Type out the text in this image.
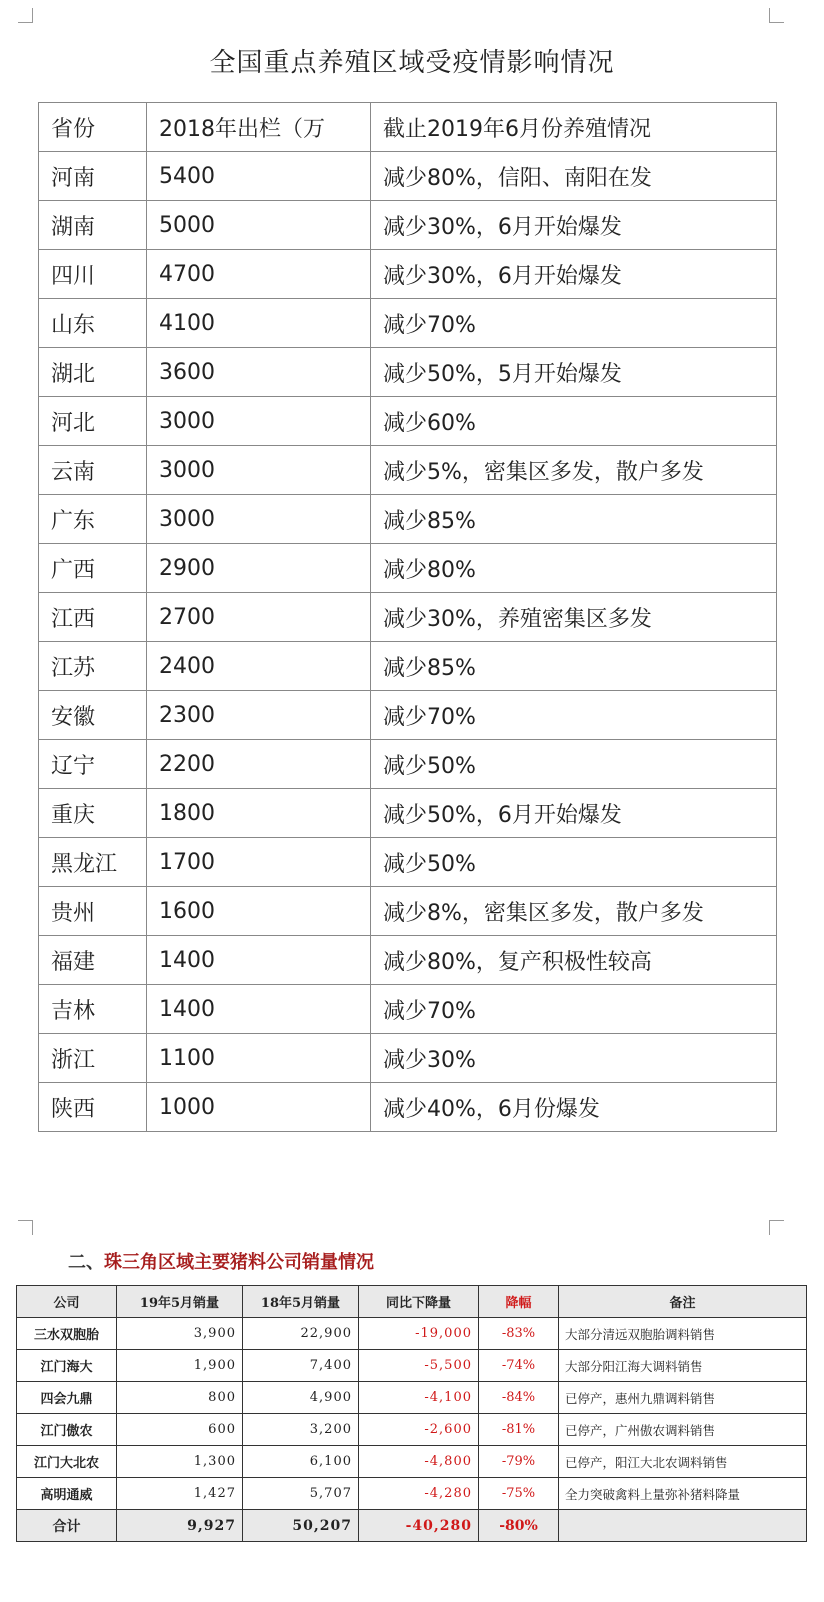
全国重点养殖区域受疫情影响情况
省份	2018年出栏（万	截止2019年6月份养殖情况
河南	5400	减少80%，信阳、南阳在发
湖南	5000	减少30%，6月开始爆发
四川	4700	减少30%，6月开始爆发
山东	4100	减少70%
湖北	3600	减少50%，5月开始爆发
河北	3000	减少60%
云南	3000	减少5%，密集区多发，散户多发
广东	3000	减少85%
广西	2900	减少80%
江西	2700	减少30%，养殖密集区多发
江苏	2400	减少85%
安徽	2300	减少70%
辽宁	2200	减少50%
重庆	1800	减少50%，6月开始爆发
黑龙江	1700	减少50%
贵州	1600	减少8%，密集区多发，散户多发
福建	1400	减少80%，复产积极性较高
吉林	1400	减少70%
浙江	1100	减少30%
陕西	1000	减少40%，6月份爆发
二、珠三角区域主要猪料公司销量情况
公司	19年5月销量	18年5月销量	同比下降量	降幅	备注
三水双胞胎	3,900	22,900	-19,000	-83%	大部分清远双胞胎调料销售
江门海大	1,900	7,400	-5,500	-74%	大部分阳江海大调料销售
四会九鼎	800	4,900	-4,100	-84%	已停产，惠州九鼎调料销售
江门傲农	600	3,200	-2,600	-81%	已停产，广州傲农调料销售
江门大北农	1,300	6,100	-4,800	-79%	已停产，阳江大北农调料销售
高明通威	1,427	5,707	-4,280	-75%	全力突破禽料上量弥补猪料降量
合计	9,927	50,207	-40,280	-80%	
